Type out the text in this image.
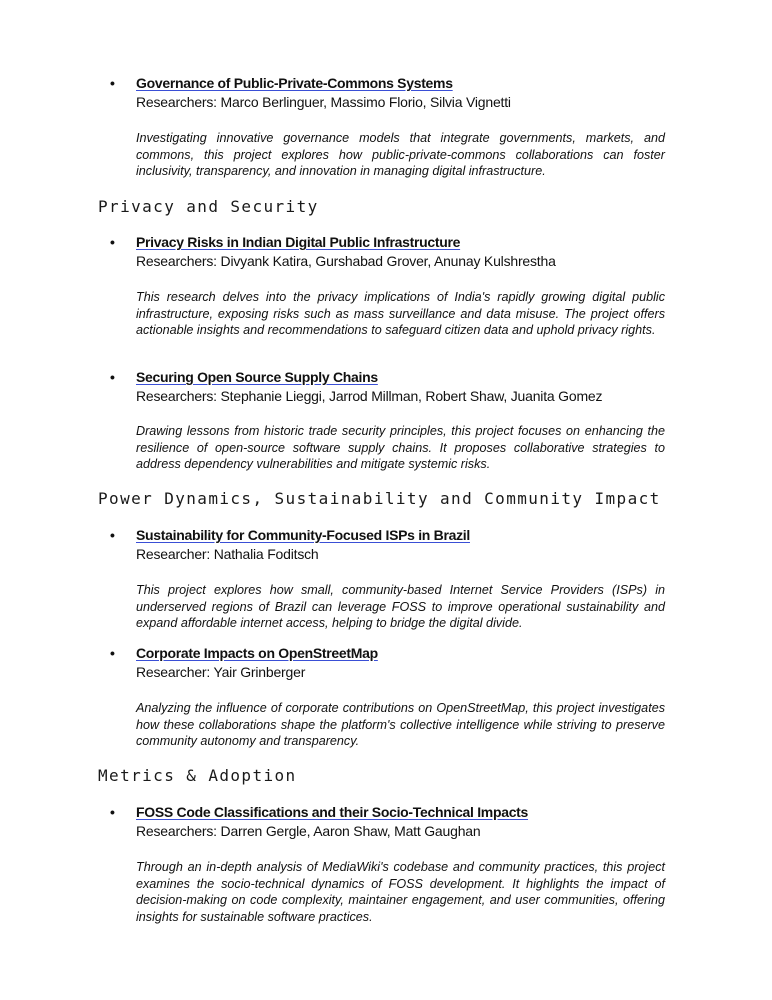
• Governance of Public-Private-Commons Systems
Researchers: Marco Berlinguer, Massimo Florio, Silvia Vignetti

Investigating innovative governance models that integrate governments, markets, and commons, this project explores how public-private-commons collaborations can foster inclusivity, transparency, and innovation in managing digital infrastructure.

Privacy and Security
• Privacy Risks in Indian Digital Public Infrastructure
Researchers: Divyank Katira, Gurshabad Grover, Anunay Kulshrestha

This research delves into the privacy implications of India's rapidly growing digital public infrastructure, exposing risks such as mass surveillance and data misuse. The project offers actionable insights and recommendations to safeguard citizen data and uphold privacy rights.

• Securing Open Source Supply Chains
Researchers: Stephanie Lieggi, Jarrod Millman, Robert Shaw, Juanita Gomez

Drawing lessons from historic trade security principles, this project focuses on enhancing the resilience of open-source software supply chains. It proposes collaborative strategies to address dependency vulnerabilities and mitigate systemic risks.

Power Dynamics, Sustainability and Community Impact
• Sustainability for Community-Focused ISPs in Brazil
Researcher: Nathalia Foditsch

This project explores how small, community-based Internet Service Providers (ISPs) in underserved regions of Brazil can leverage FOSS to improve operational sustainability and expand affordable internet access, helping to bridge the digital divide.

• Corporate Impacts on OpenStreetMap
Researcher: Yair Grinberger

Analyzing the influence of corporate contributions on OpenStreetMap, this project investigates how these collaborations shape the platform's collective intelligence while striving to preserve community autonomy and transparency.

Metrics & Adoption
• FOSS Code Classifications and their Socio-Technical Impacts
Researchers: Darren Gergle, Aaron Shaw, Matt Gaughan

Through an in-depth analysis of MediaWiki's codebase and community practices, this project examines the socio-technical dynamics of FOSS development. It highlights the impact of decision-making on code complexity, maintainer engagement, and user communities, offering insights for sustainable software practices.
